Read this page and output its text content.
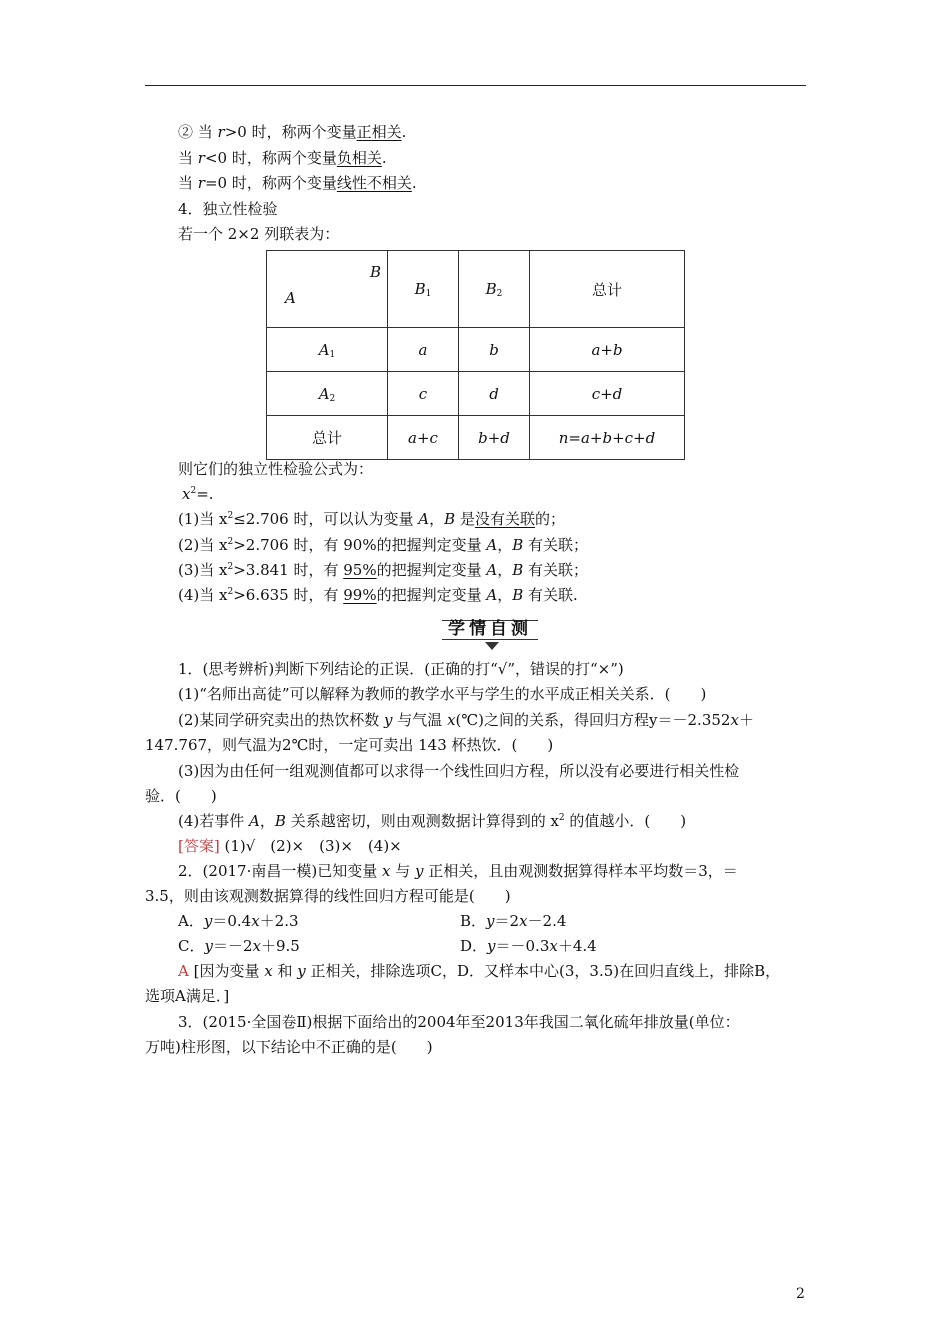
② 当 r>0 时，称两个变量正相关.
当 r<0 时，称两个变量负相关.
当 r=0 时，称两个变量线性不相关.
4．独立性检验
若一个 2×2 列联表为：
B
A	$B_1$	$B_2$	总计
$A_1$	a	b	a+b
$A_2$	c	d	c+d
总计	a+c	b+d	n=a+b+c+d
则它们的独立性检验公式为：
$x^2=$.
(1)当 $x^2\le 2.706$ 时，可以认为变量 A，B 是没有关联的；
(2)当 $x^2>2.706$ 时，有 90%的把握判定变量 A，B 有关联；
(3)当 $x^2>3.841$ 时，有 95%的把握判定变量 A，B 有关联；
(4)当 $x^2>6.635$ 时，有 99%的把握判定变量 A，B 有关联.
学情自测
1．(思考辨析)判断下列结论的正误．(正确的打“√”，错误的打“×”)
(1)“名师出高徒”可以解释为教师的教学水平与学生的水平成正相关关系．(　　)
(2)某同学研究卖出的热饮杯数 y 与气温 x(℃)之间的关系，得回归方程y＝－2.352x＋
147.767，则气温为2℃时，一定可卖出 143 杯热饮．(　　)
(3)因为由任何一组观测值都可以求得一个线性回归方程，所以没有必要进行相关性检
验．(　　)
(4)若事件 A，B 关系越密切，则由观测数据计算得到的 $x^2$ 的值越小．(　　)
[答案] (1)√　(2)×　(3)×　(4)×
2．(2017·南昌一模)已知变量 x 与 y 正相关，且由观测数据算得样本平均数＝3，＝
3.5，则由该观测数据算得的线性回归方程可能是(　　)
A．y＝0.4x＋2.3	B．y＝2x－2.4
C．y＝－2x＋9.5	D．y＝－0.3x＋4.4
A [因为变量 x 和 y 正相关，排除选项C，D．又样本中心(3，3.5)在回归直线上，排除B，
选项A满足．]
3．(2015·全国卷Ⅱ)根据下面给出的2004年至2013年我国二氧化硫年排放量(单位：
万吨)柱形图，以下结论中不正确的是(　　)
2
